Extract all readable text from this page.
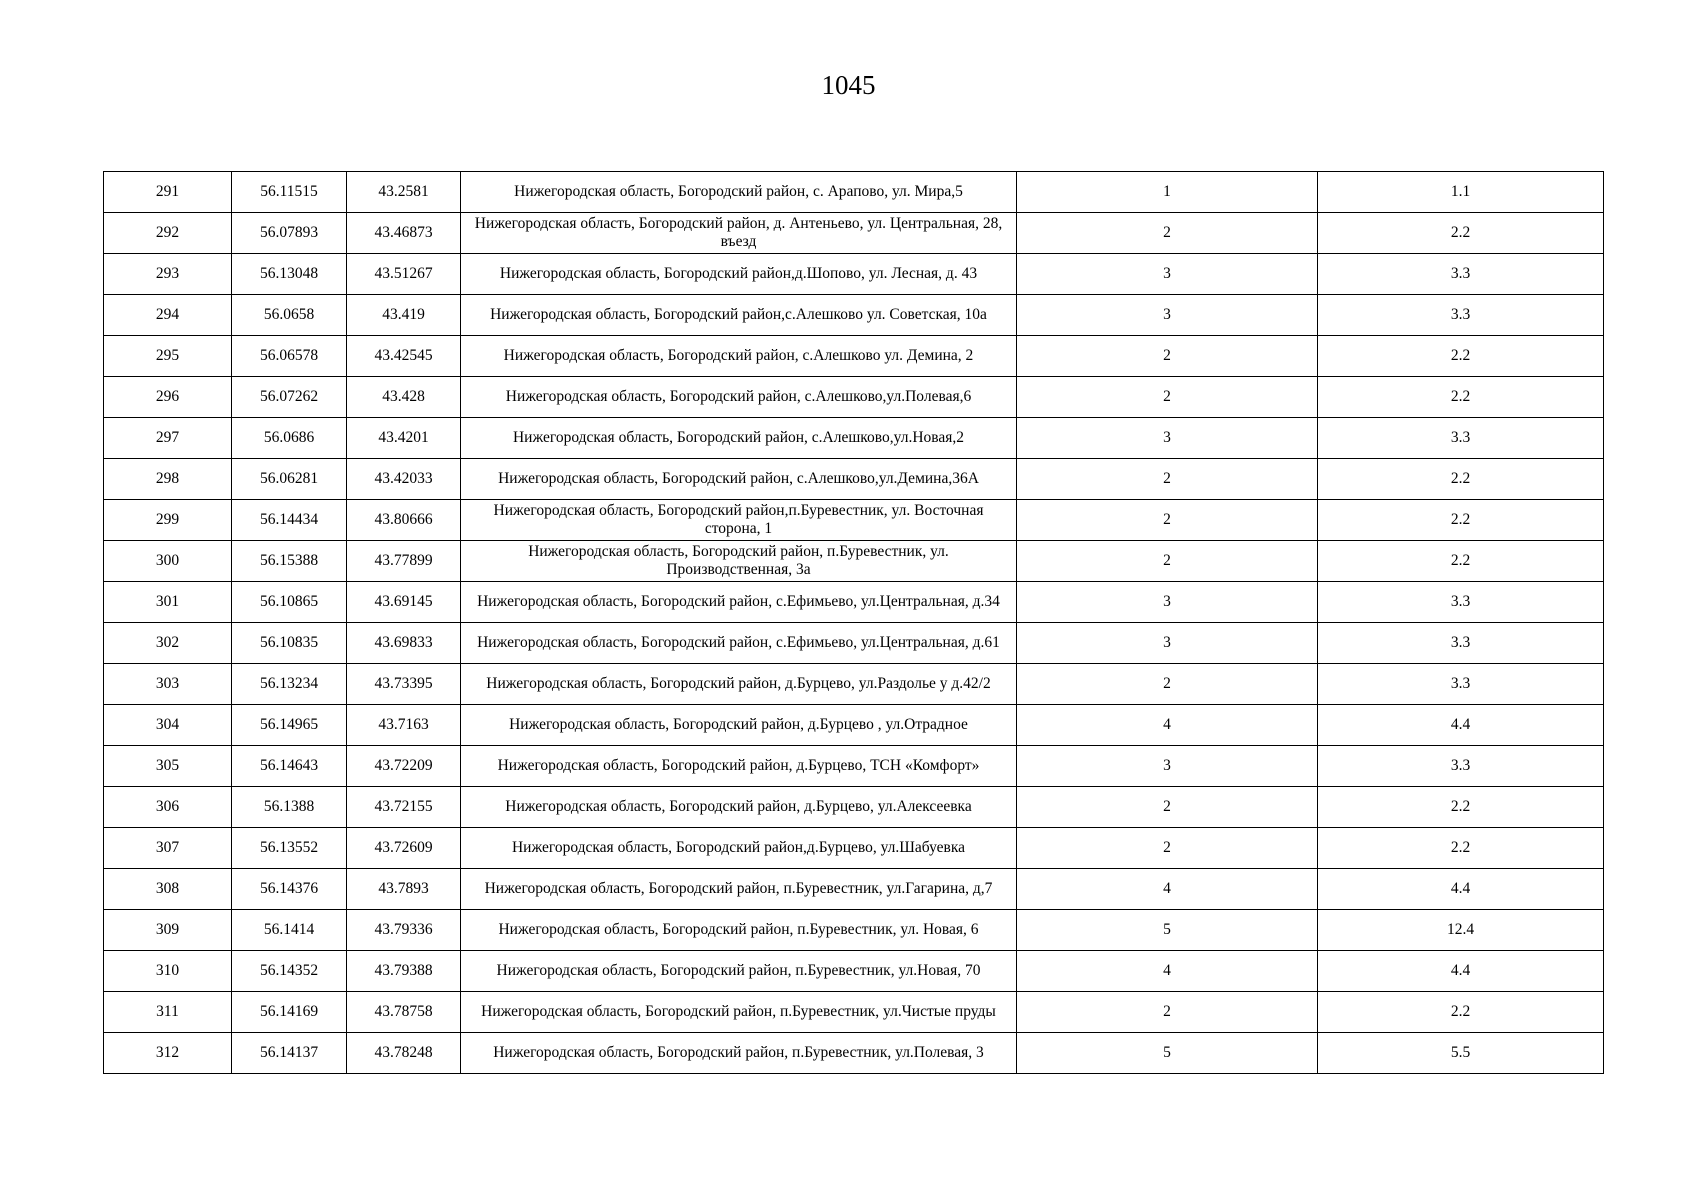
1045
291	56.11515	43.2581	Нижегородская область, Богородский район, с. Арапово, ул. Мира,5	1	1.1
292	56.07893	43.46873	Нижегородская область, Богородский район, д. Антеньево, ул. Центральная, 28, въезд	2	2.2
293	56.13048	43.51267	Нижегородская область, Богородский район,д.Шопово, ул. Лесная, д. 43	3	3.3
294	56.0658	43.419	Нижегородская область, Богородский район,с.Алешково ул. Советская, 10а	3	3.3
295	56.06578	43.42545	Нижегородская область, Богородский район, с.Алешково ул. Демина, 2	2	2.2
296	56.07262	43.428	Нижегородская область, Богородский район, с.Алешково,ул.Полевая,6	2	2.2
297	56.0686	43.4201	Нижегородская область, Богородский район, с.Алешково,ул.Новая,2	3	3.3
298	56.06281	43.42033	Нижегородская область, Богородский район, с.Алешково,ул.Демина,36А	2	2.2
299	56.14434	43.80666	Нижегородская область, Богородский район,п.Буревестник, ул. Восточная сторона, 1	2	2.2
300	56.15388	43.77899	Нижегородская область, Богородский район, п.Буревестник, ул. Производственная, 3а	2	2.2
301	56.10865	43.69145	Нижегородская область, Богородский район, с.Ефимьево, ул.Центральная, д.34	3	3.3
302	56.10835	43.69833	Нижегородская область, Богородский район, с.Ефимьево, ул.Центральная, д.61	3	3.3
303	56.13234	43.73395	Нижегородская область, Богородский район, д.Бурцево, ул.Раздолье у д.42/2	2	3.3
304	56.14965	43.7163	Нижегородская область, Богородский район, д.Бурцево , ул.Отрадное	4	4.4
305	56.14643	43.72209	Нижегородская область, Богородский район, д.Бурцево, ТСН «Комфорт»	3	3.3
306	56.1388	43.72155	Нижегородская область, Богородский район, д.Бурцево, ул.Алексеевка	2	2.2
307	56.13552	43.72609	Нижегородская область, Богородский район,д.Бурцево, ул.Шабуевка	2	2.2
308	56.14376	43.7893	Нижегородская область, Богородский район, п.Буревестник, ул.Гагарина, д,7	4	4.4
309	56.1414	43.79336	Нижегородская область, Богородский район, п.Буревестник, ул. Новая, 6	5	12.4
310	56.14352	43.79388	Нижегородская область, Богородский район, п.Буревестник, ул.Новая, 70	4	4.4
311	56.14169	43.78758	Нижегородская область, Богородский район, п.Буревестник, ул.Чистые пруды	2	2.2
312	56.14137	43.78248	Нижегородская область, Богородский район, п.Буревестник, ул.Полевая, 3	5	5.5
